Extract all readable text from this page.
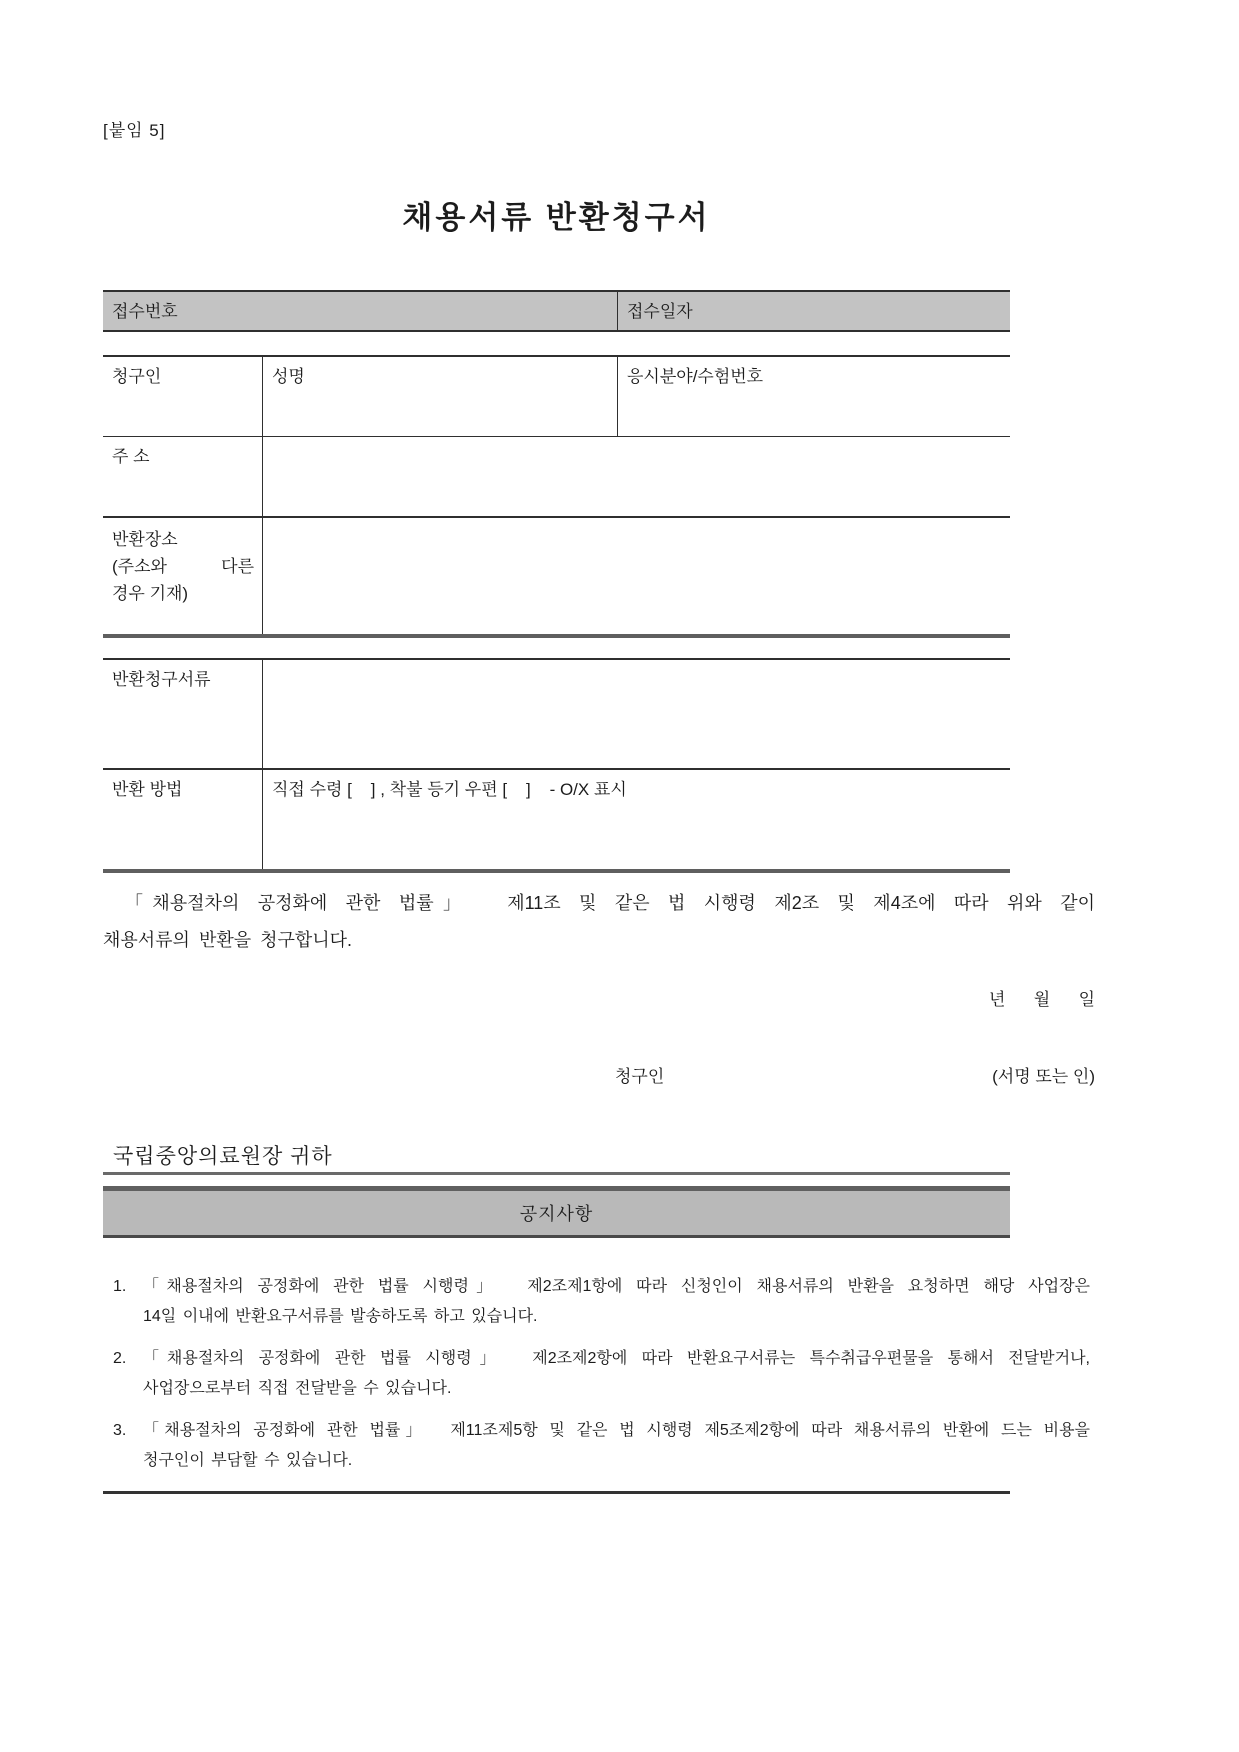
[붙임 5]
채용서류 반환청구서
접수번호	접수일자
청구인	성명	응시분야/수험번호
주 소
반환장소
(주소와 다른
경우 기재)
반환청구서류
반환 방법	직접 수령 [    ] , 착불 등기 우편 [    ]    - O/X 표시
「채용절차의 공정화에 관한 법률」  제11조 및 같은 법 시행령 제2조 및 제4조에 따라 위와 같이
채용서류의 반환을 청구합니다.
년      월      일
청구인	(서명 또는 인)
국립중앙의료원장 귀하
공지사항
1.	「채용절차의 공정화에 관한 법률 시행령」  제2조제1항에 따라 신청인이 채용서류의 반환을 요청하면 해당 사업장은
14일 이내에 반환요구서류를 발송하도록 하고 있습니다.
2.	「채용절차의 공정화에 관한 법률 시행령」  제2조제2항에 따라 반환요구서류는 특수취급우편물을 통해서 전달받거나,
사업장으로부터 직접 전달받을 수 있습니다.
3.	「채용절차의 공정화에 관한 법률」  제11조제5항 및 같은 법 시행령 제5조제2항에 따라 채용서류의 반환에 드는 비용을
청구인이 부담할 수 있습니다.
